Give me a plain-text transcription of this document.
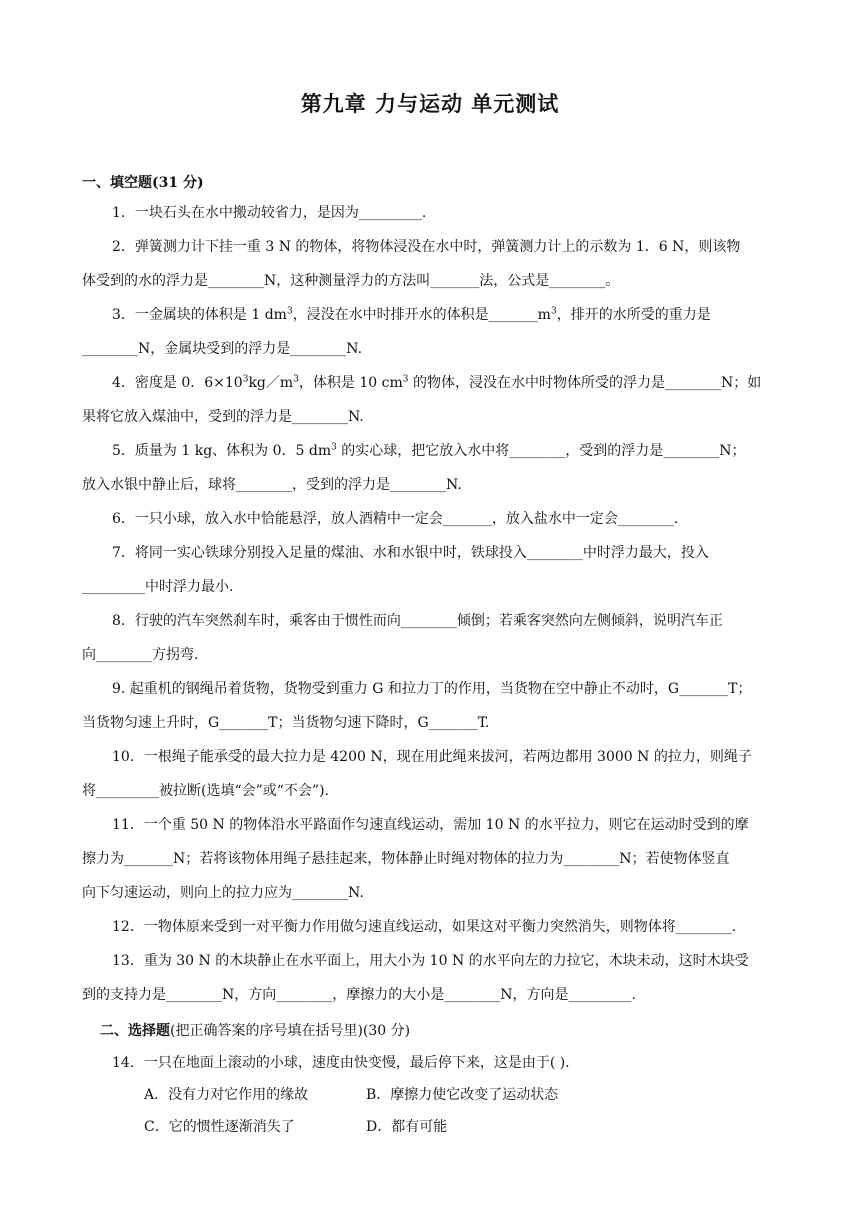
第九章 力与运动 单元测试
一、填空题(31 分)
1．一块石头在水中搬动较省力，是因为_________.
2．弹簧测力计下挂一重 3 N 的物体，将物体浸没在水中时，弹簧测力计上的示数为 1．6 N，则该物
体受到的水的浮力是________N，这种测量浮力的方法叫_______法，公式是________。
3．一金属块的体积是 1 $dm^3$，浸没在水中时排开水的体积是$\_\_\_\_\_\_\_m^3$，排开的水所受的重力是
________N，金属块受到的浮力是________N.
4．密度是 0．$6\times 10^3kg/m^3$，体积是 10 $cm^3$ 的物体，浸没在水中时物体所受的浮力是________N；如
果将它放入煤油中，受到的浮力是________N.
5．质量为 1 kg、体积为 0．5 $dm^3$ 的实心球，把它放入水中将________，受到的浮力是________N；
放入水银中静止后，球将________，受到的浮力是________N.
6．一只小球，放入水中恰能悬浮，放人酒精中一定会_______，放入盐水中一定会________.
7．将同一实心铁球分别投入足量的煤油、水和水银中时，铁球投入________中时浮力最大，投入
_________中时浮力最小.
8．行驶的汽车突然刹车时，乘客由于惯性而向________倾倒；若乘客突然向左侧倾斜，说明汽车正
向________方拐弯.
9. 起重机的钢绳吊着货物，货物受到重力 G 和拉力丁的作用，当货物在空中静止不动时，G_______T；
当货物匀速上升时，G_______T；当货物匀速下降时，G_______T.
10．一根绳子能承受的最大拉力是 4200 N，现在用此绳来拔河，若两边都用 3000 N 的拉力，则绳子
将_________被拉断(选填“会”或“不会”).
11．一个重 50 N 的物体沿水平路面作匀速直线运动，需加 10 N 的水平拉力，则它在运动时受到的摩
擦力为_______N；若将该物体用绳子悬挂起来，物体静止时绳对物体的拉力为________N；若使物体竖直
向下匀速运动，则向上的拉力应为________N.
12．一物体原来受到一对平衡力作用做匀速直线运动，如果这对平衡力突然消失，则物体将________.
13．重为 30 N 的木块静止在水平面上，用大小为 10 N 的水平向左的力拉它，木块未动，这时木块受
到的支持力是________N，方向________，摩擦力的大小是________N，方向是_________.
二、选择题(把正确答案的序号填在括号里)(30 分)
14．一只在地面上滚动的小球，速度由快变慢，最后停下来，这是由于( ).
A．没有力对它作用的缘故	B．摩擦力使它改变了运动状态
C．它的惯性逐渐消失了	D．都有可能
